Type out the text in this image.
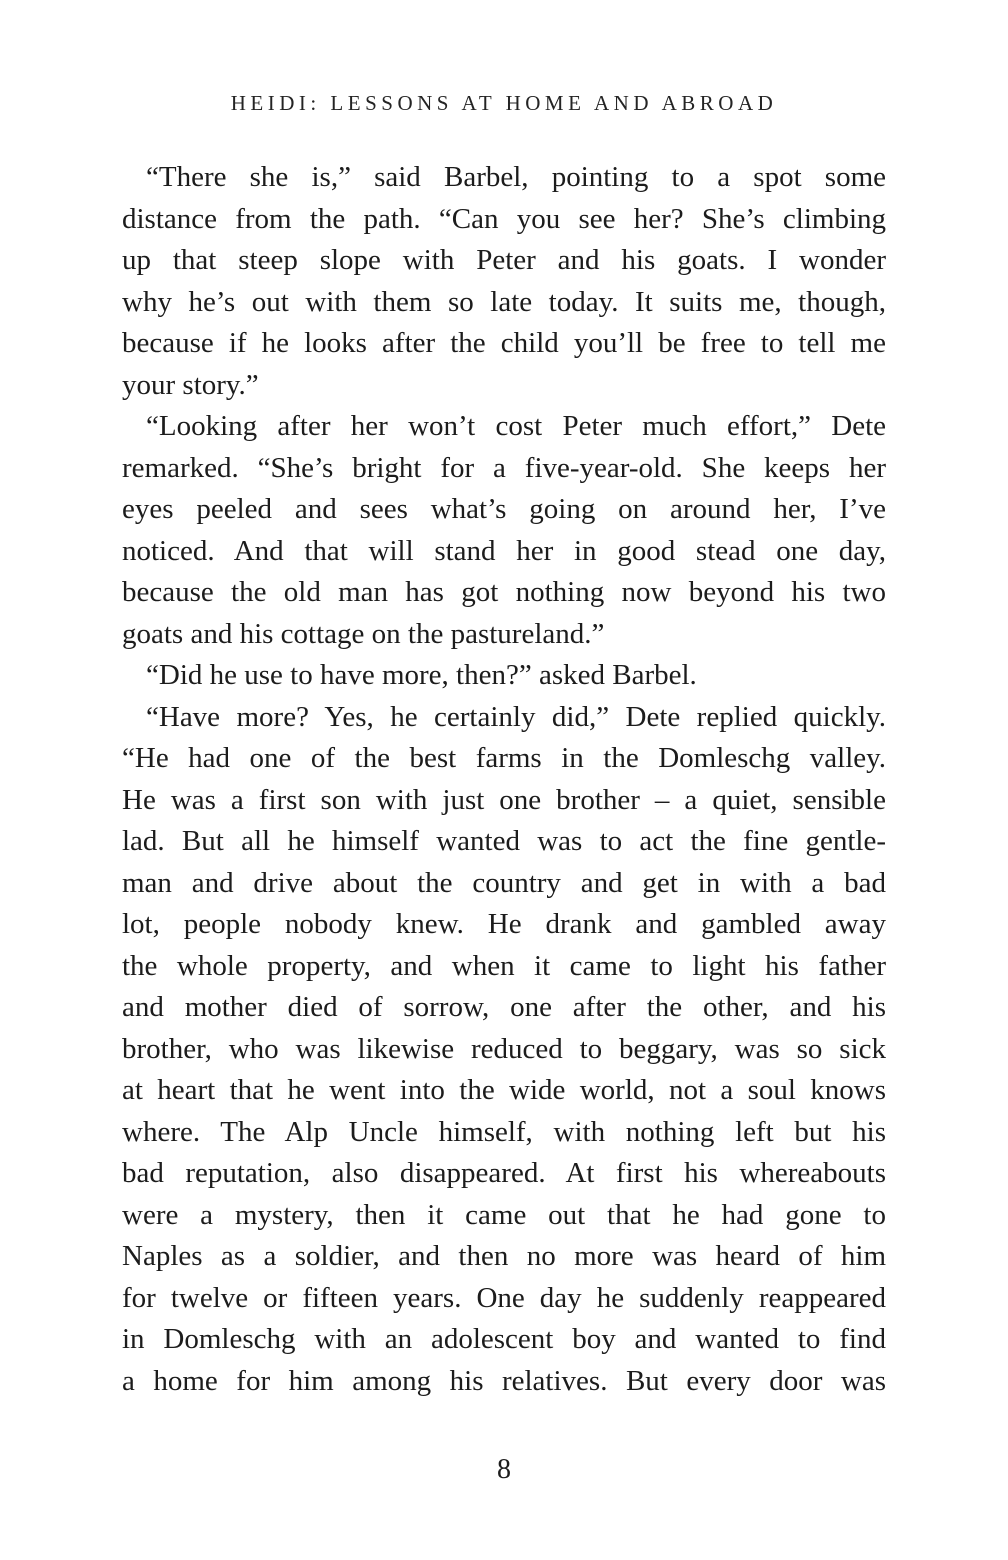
HEIDI: LESSONS AT HOME AND ABROAD
“There she is,” said Barbel, pointing to a spot some
distance from the path. “Can you see her? She’s climbing
up that steep slope with Peter and his goats. I wonder
why he’s out with them so late today. It suits me, though,
because if he looks after the child you’ll be free to tell me
your story.”
“Looking after her won’t cost Peter much effort,” Dete
remarked. “She’s bright for a five-year-old. She keeps her
eyes peeled and sees what’s going on around her, I’ve
noticed. And that will stand her in good stead one day,
because the old man has got nothing now beyond his two
goats and his cottage on the pastureland.”
“Did he use to have more, then?” asked Barbel.
“Have more? Yes, he certainly did,” Dete replied quickly.
“He had one of the best farms in the Domleschg valley.
He was a first son with just one brother – a quiet, sensible
lad. But all he himself wanted was to act the fine gentle-
man and drive about the country and get in with a bad
lot, people nobody knew. He drank and gambled away
the whole property, and when it came to light his father
and mother died of sorrow, one after the other, and his
brother, who was likewise reduced to beggary, was so sick
at heart that he went into the wide world, not a soul knows
where. The Alp Uncle himself, with nothing left but his
bad reputation, also disappeared. At first his whereabouts
were a mystery, then it came out that he had gone to
Naples as a soldier, and then no more was heard of him
for twelve or fifteen years. One day he suddenly reappeared
in Domleschg with an adolescent boy and wanted to find
a home for him among his relatives. But every door was
8
